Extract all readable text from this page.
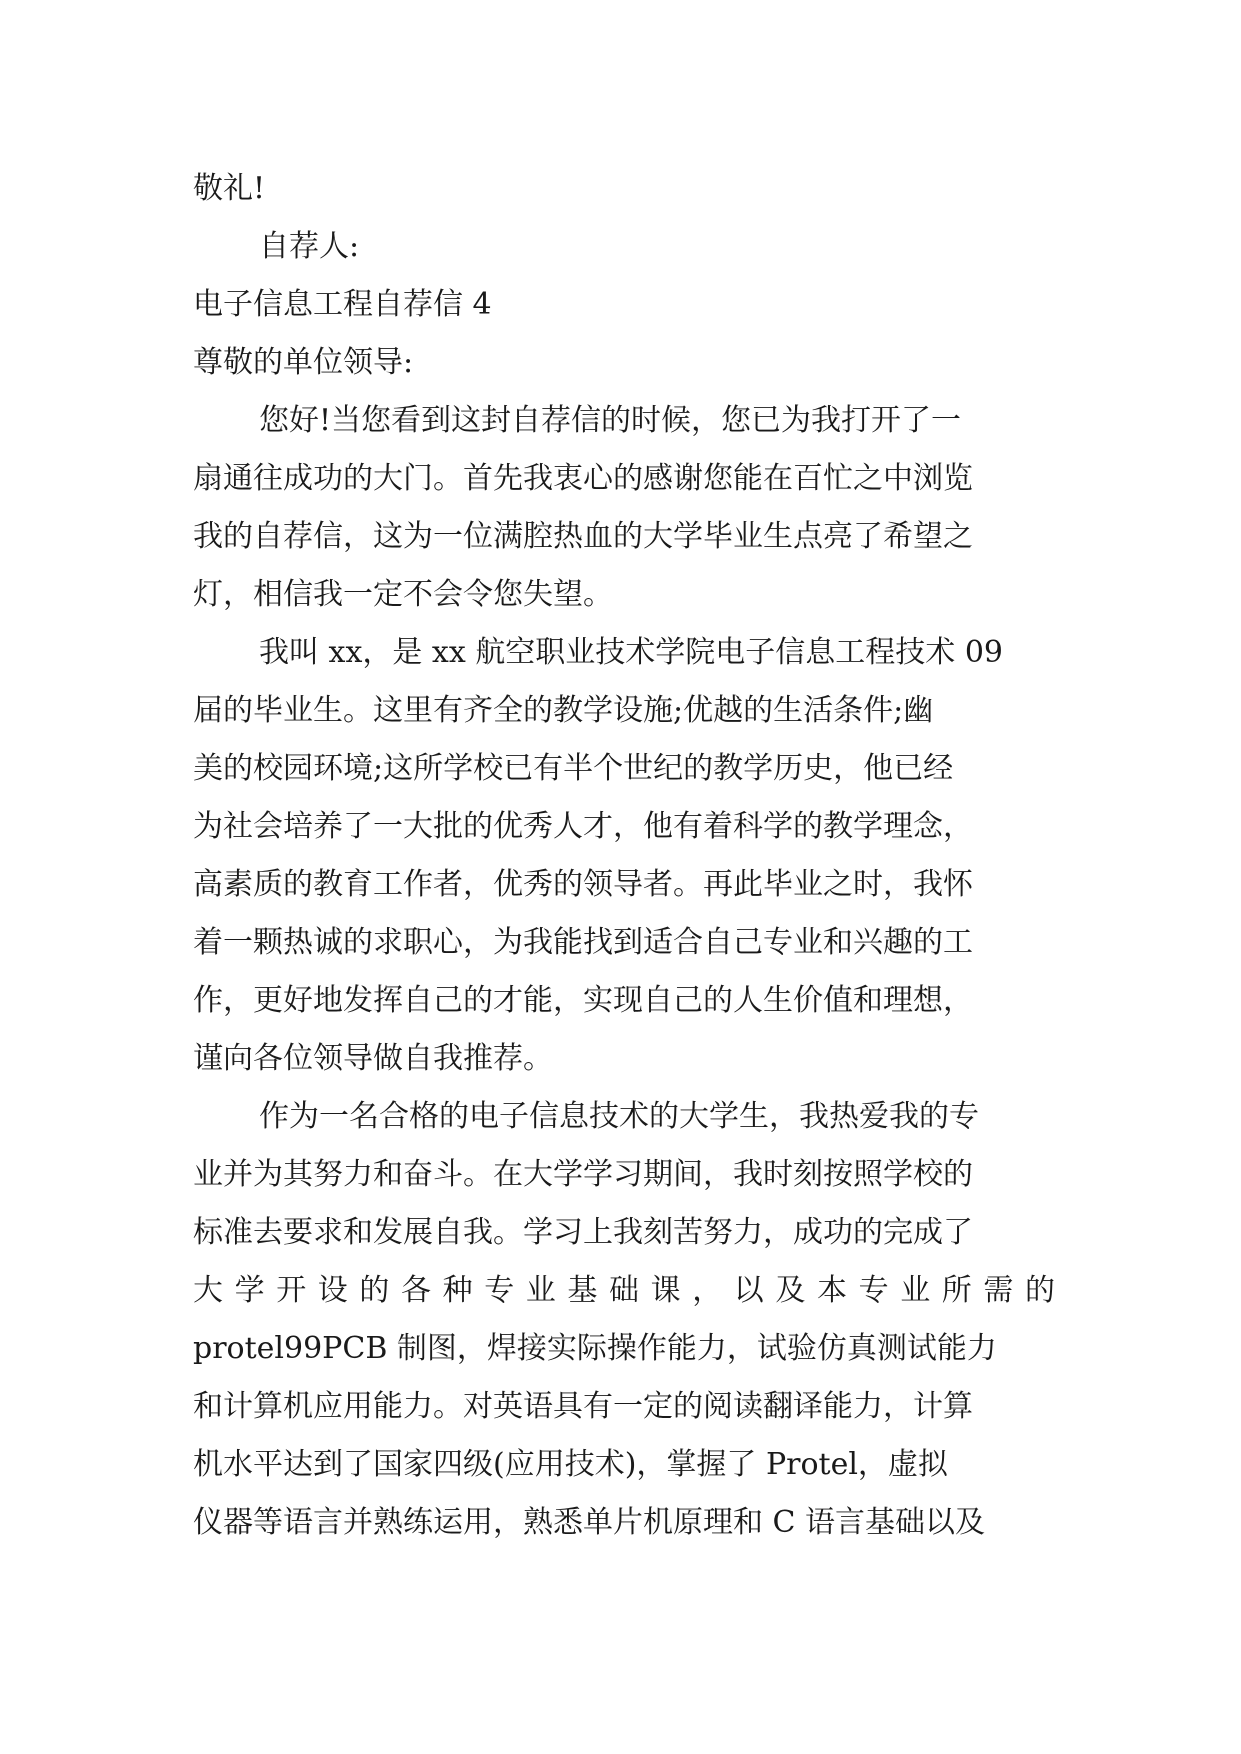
敬礼!
自荐人:
电子信息工程自荐信 4
尊敬的单位领导:
您好!当您看到这封自荐信的时候，您已为我打开了一
扇通往成功的大门。首先我衷心的感谢您能在百忙之中浏览
我的自荐信，这为一位满腔热血的大学毕业生点亮了希望之
灯，相信我一定不会令您失望。
我叫 xx，是 xx 航空职业技术学院电子信息工程技术 09
届的毕业生。这里有齐全的教学设施;优越的生活条件;幽
美的校园环境;这所学校已有半个世纪的教学历史，他已经
为社会培养了一大批的优秀人才，他有着科学的教学理念，
高素质的教育工作者，优秀的领导者。再此毕业之时，我怀
着一颗热诚的求职心，为我能找到适合自己专业和兴趣的工
作，更好地发挥自己的才能，实现自己的人生价值和理想，
谨向各位领导做自我推荐。
作为一名合格的电子信息技术的大学生，我热爱我的专
业并为其努力和奋斗。在大学学习期间，我时刻按照学校的
标准去要求和发展自我。学习上我刻苦努力，成功的完成了
大学开设的各种专业基础课，以及本专业所需的
protel99PCB 制图，焊接实际操作能力，试验仿真测试能力
和计算机应用能力。对英语具有一定的阅读翻译能力，计算
机水平达到了国家四级(应用技术)，掌握了 Protel，虚拟
仪器等语言并熟练运用，熟悉单片机原理和 C 语言基础以及
